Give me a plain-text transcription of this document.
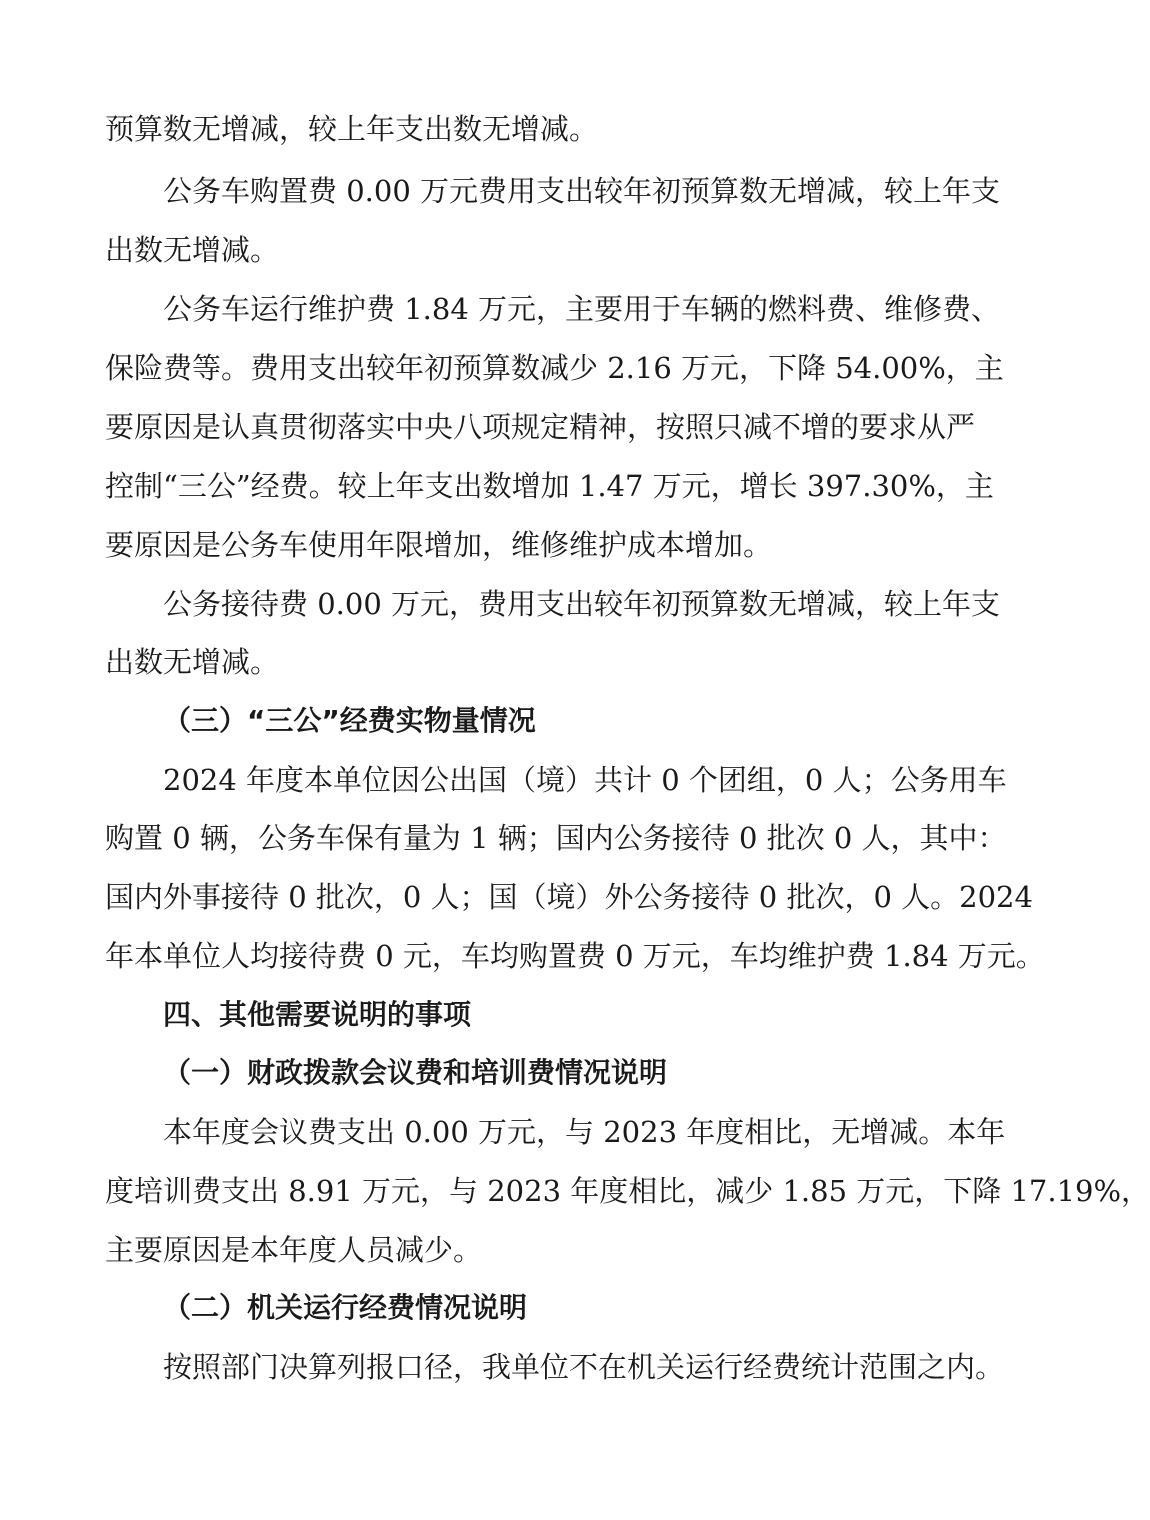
预算数无增减，较上年支出数无增减。
公务车购置费 0.00 万元费用支出较年初预算数无增减，较上年支
出数无增减。
公务车运行维护费 1.84 万元，主要用于车辆的燃料费、维修费、
保险费等。费用支出较年初预算数减少 2.16 万元，下降 54.00%，主
要原因是认真贯彻落实中央八项规定精神，按照只减不增的要求从严
控制“三公”经费。较上年支出数增加 1.47 万元，增长 397.30%，主
要原因是公务车使用年限增加，维修维护成本增加。
公务接待费 0.00 万元，费用支出较年初预算数无增减，较上年支
出数无增减。
（三）“三公”经费实物量情况
2024 年度本单位因公出国（境）共计 0 个团组，0 人；公务用车
购置 0 辆，公务车保有量为 1 辆；国内公务接待 0 批次 0 人，其中：
国内外事接待 0 批次，0 人；国（境）外公务接待 0 批次，0 人。2024
年本单位人均接待费 0 元，车均购置费 0 万元，车均维护费 1.84 万元。
四、其他需要说明的事项
（一）财政拨款会议费和培训费情况说明
本年度会议费支出 0.00 万元，与 2023 年度相比，无增减。本年
度培训费支出 8.91 万元，与 2023 年度相比，减少 1.85 万元，下降 17.19%，
主要原因是本年度人员减少。
（二）机关运行经费情况说明
按照部门决算列报口径，我单位不在机关运行经费统计范围之内。
